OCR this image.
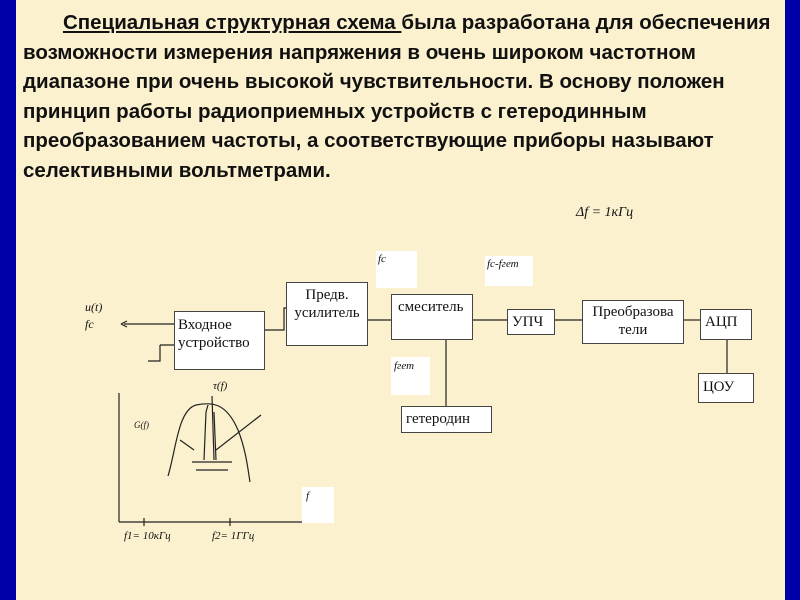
Специальная структурная схема была разработана для обеспечения возможности измерения напряжения в очень широком частотном диапазоне при очень высокой чувствительности. В основу положен принцип работы радиоприемных устройств с гетеродинным преобразованием частоты, а соответствующие приборы называют селективными вольтметрами.

Δf = 1кГц
Входное устройство
Предв. усилитель	смеситель
УПЧ
Преобразова тели	АЦП
ЦОУ
гетеродин
fc	fc-fгет
fгет
f
u(t)
fc
τ(f)
G(f)
f1= 10кГц	f2= 1ГГц
